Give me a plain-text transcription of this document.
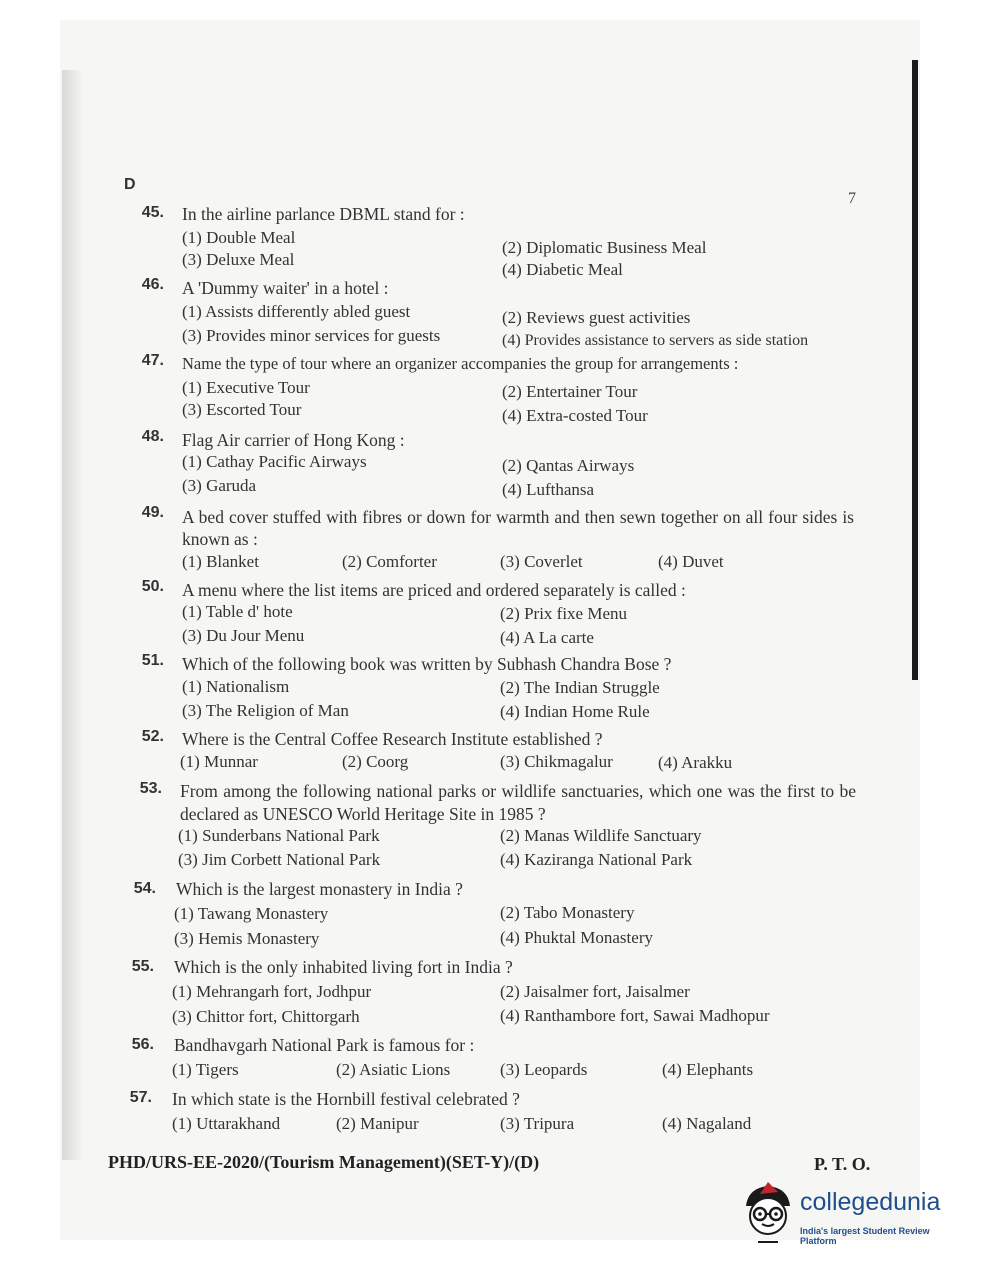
D
7
45. In the airline parlance DBML stand for :
(1) Double Meal
(2) Diplomatic Business Meal
(3) Deluxe Meal
(4) Diabetic Meal
46. A 'Dummy waiter' in a hotel :
(1) Assists differently abled guest	(2) Reviews guest activities
(3) Provides minor services for guests	(4) Provides assistance to servers as side station
47. Name the type of tour where an organizer accompanies the group for arrangements :
(1) Executive Tour	(2) Entertainer Tour
(3) Escorted Tour	(4) Extra-costed Tour
48. Flag Air carrier of Hong Kong :
(1) Cathay Pacific Airways	(2) Qantas Airways
(3) Garuda	(4) Lufthansa
49. A bed cover stuffed with fibres or down for warmth and then sewn together on all four sides is known as :
(1) Blanket	(2) Comforter	(3) Coverlet	(4) Duvet
50. A menu where the list items are priced and ordered separately is called :
(1) Table d' hote	(2) Prix fixe Menu
(3) Du Jour Menu	(4) A La carte
51. Which of the following book was written by Subhash Chandra Bose ?
(1) Nationalism	(2) The Indian Struggle
(3) The Religion of Man	(4) Indian Home Rule
52. Where is the Central Coffee Research Institute established ?
(1) Munnar	(2) Coorg	(3) Chikmagalur	(4) Arakku
53. From among the following national parks or wildlife sanctuaries, which one was the first to be declared as UNESCO World Heritage Site in 1985 ?
(1) Sunderbans National Park	(2) Manas Wildlife Sanctuary
(3) Jim Corbett National Park	(4) Kaziranga National Park
54. Which is the largest monastery in India ?
(1) Tawang Monastery	(2) Tabo Monastery
(3) Hemis Monastery	(4) Phuktal Monastery
55. Which is the only inhabited living fort in India ?
(1) Mehrangarh fort, Jodhpur	(2) Jaisalmer fort, Jaisalmer
(3) Chittor fort, Chittorgarh	(4) Ranthambore fort, Sawai Madhopur
56. Bandhavgarh National Park is famous for :
(1) Tigers	(2) Asiatic Lions	(3) Leopards	(4) Elephants
57. In which state is the Hornbill festival celebrated ?
(1) Uttarakhand	(2) Manipur	(3) Tripura	(4) Nagaland
PHD/URS-EE-2020/(Tourism Management)(SET-Y)/(D)	P. T. O.
collegedunia
India's largest Student Review Platform
